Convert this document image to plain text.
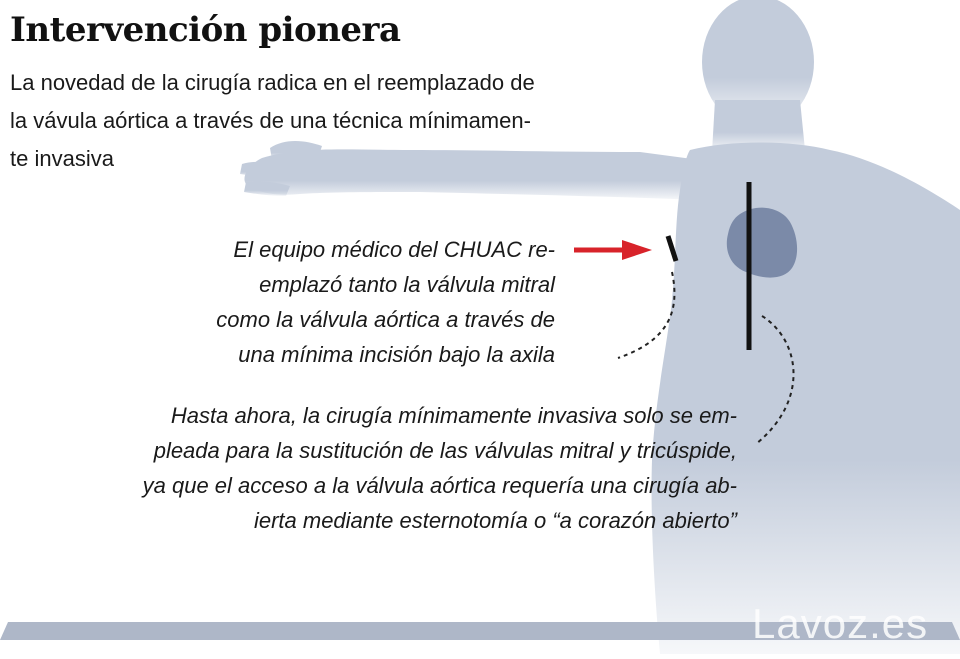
Intervención pionera

La novedad de la cirugía radica en el reemplazado de
la vávula aórtica a través de una técnica mínimamen-
te invasiva

El equipo médico del CHUAC re-
emplazó tanto la válvula mitral
como la válvula aórtica a través de
una mínima incisión bajo la axila

Hasta ahora, la cirugía mínimamente invasiva solo se em-
pleada para la sustitución de las válvulas mitral y tricúspide,
ya que el acceso a la válvula aórtica requería una cirugía ab-
ierta mediante esternotomía o “a corazón abierto”

Lavoz.es
